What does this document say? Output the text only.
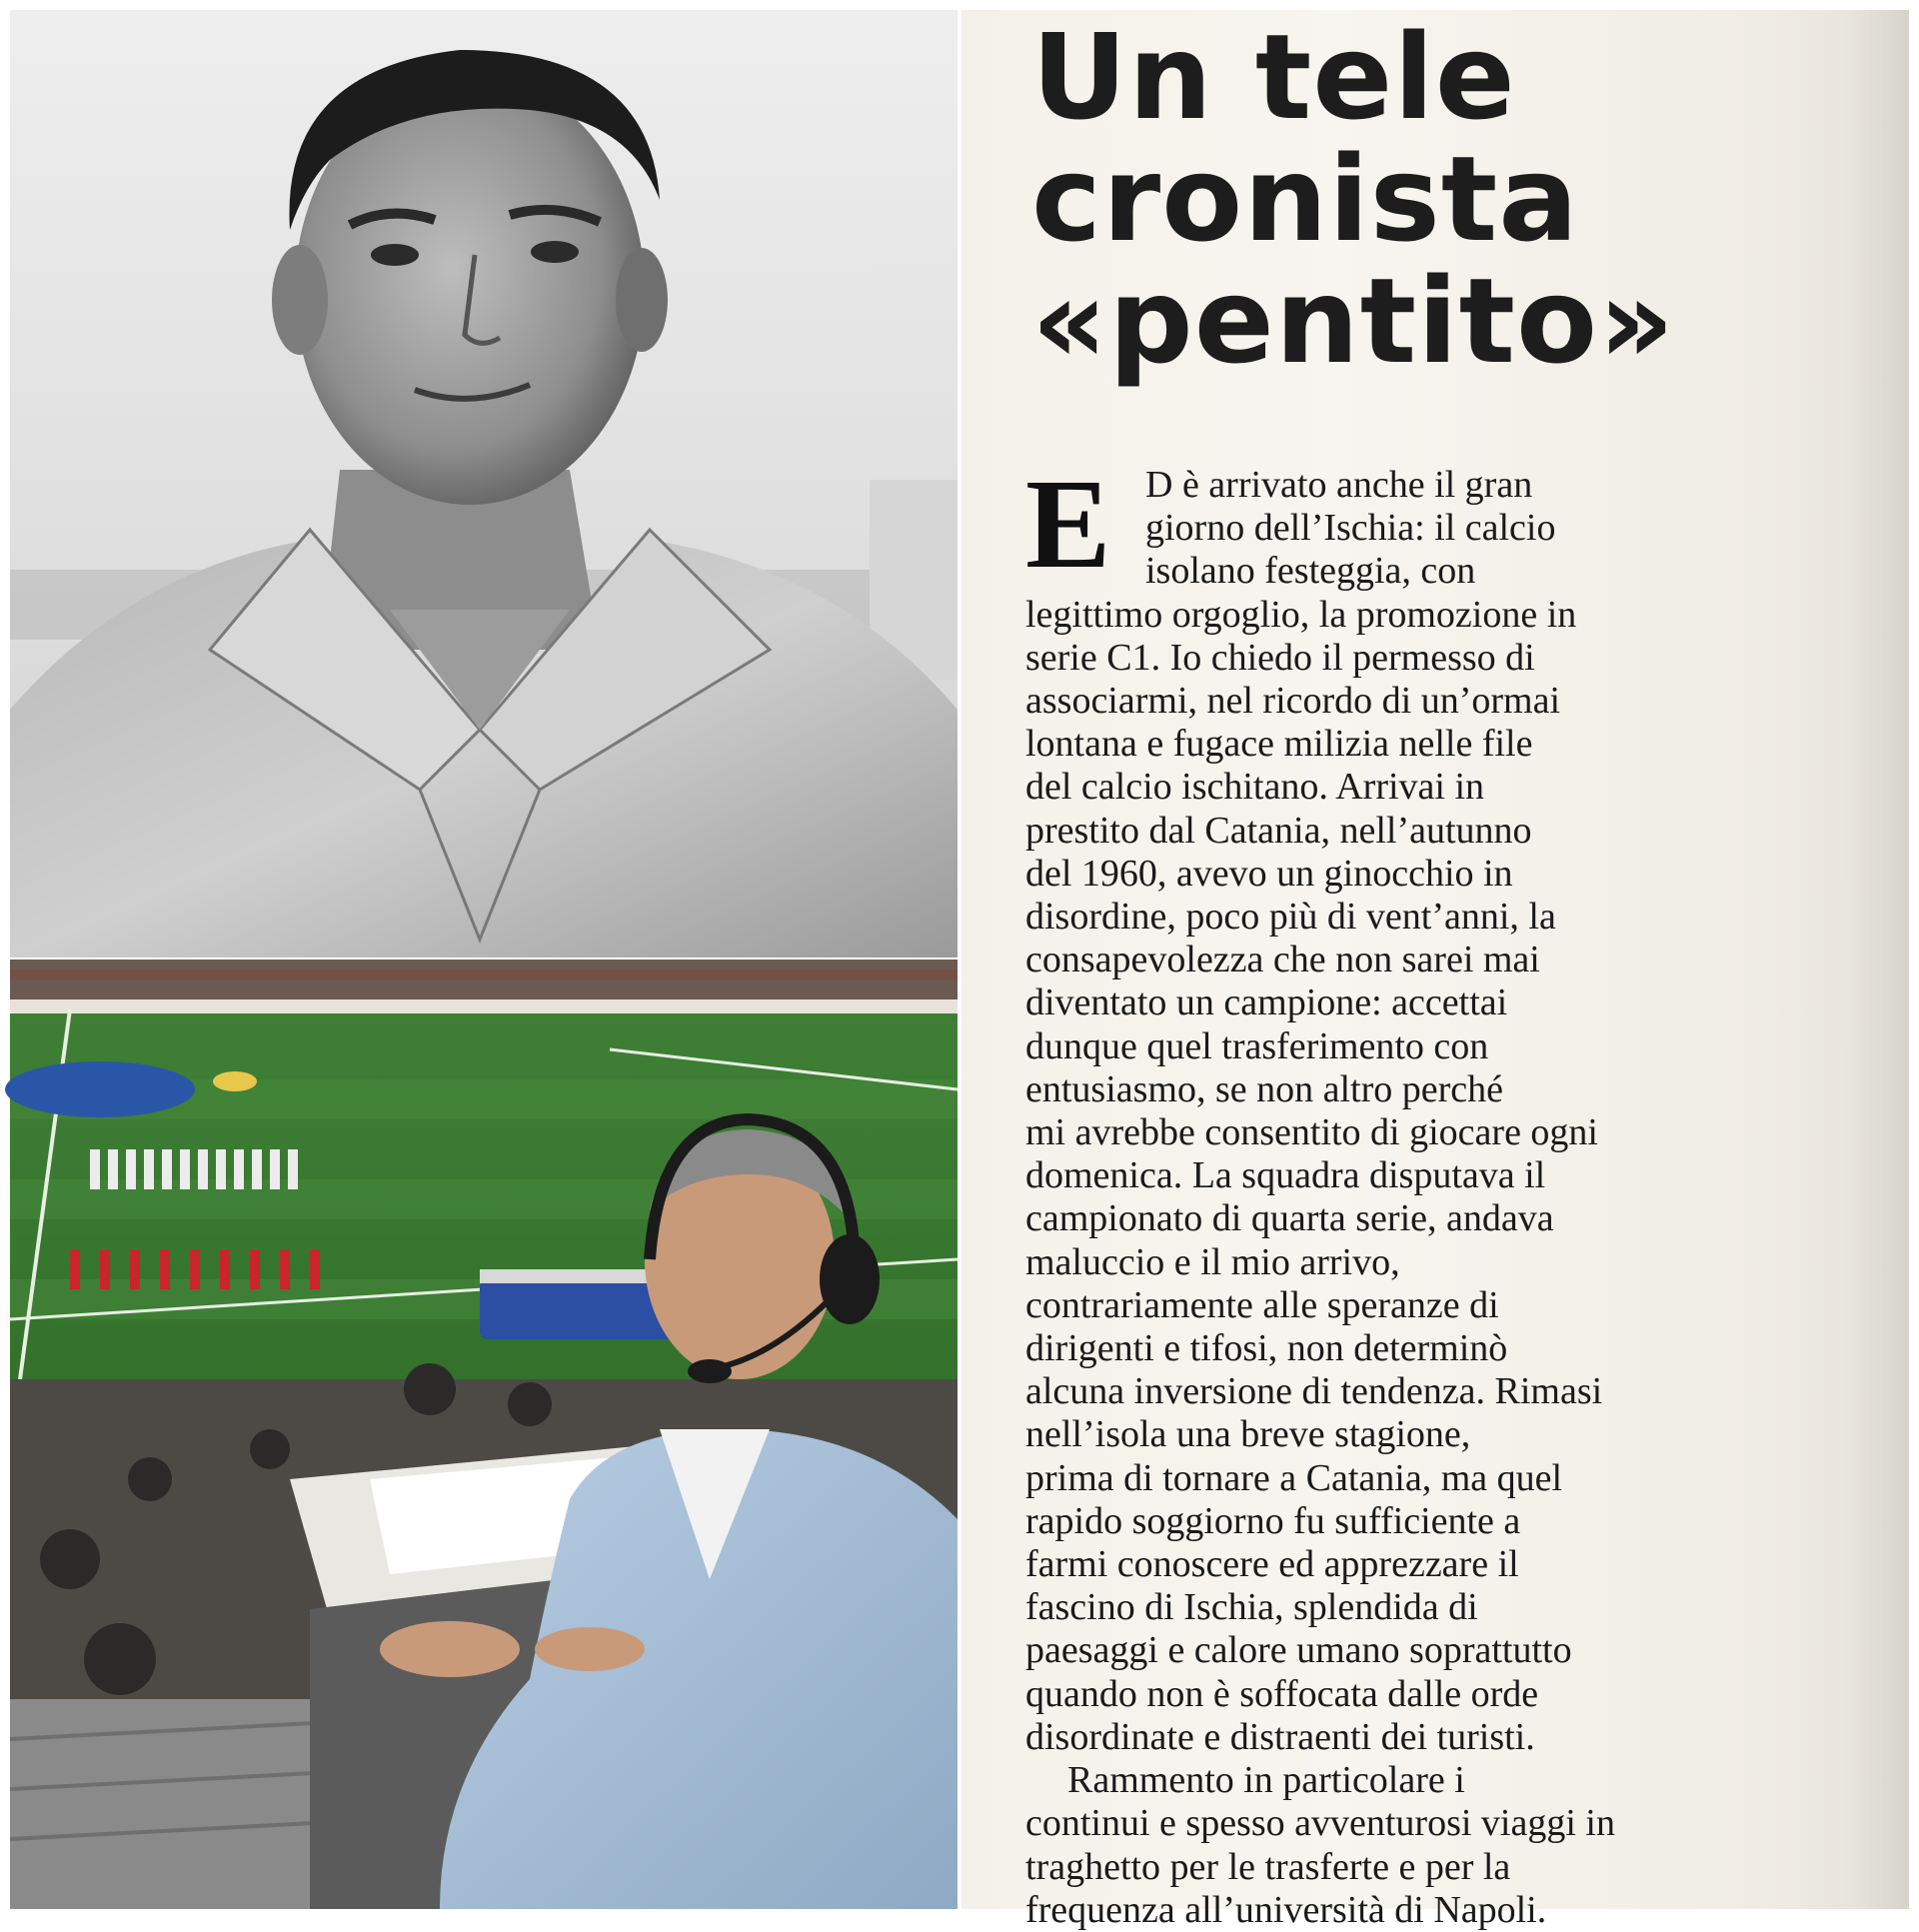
Un tele
cronista
«pentito»
E D è arrivato anche il gran
giorno dell’Ischia: il calcio
isolano festeggia, con
legittimo orgoglio, la promozione in
serie C1. Io chiedo il permesso di
associarmi, nel ricordo di un’ormai
lontana e fugace milizia nelle file
del calcio ischitano. Arrivai in
prestito dal Catania, nell’autunno
del 1960, avevo un ginocchio in
disordine, poco più di vent’anni, la
consapevolezza che non sarei mai
diventato un campione: accettai
dunque quel trasferimento con
entusiasmo, se non altro perché
mi avrebbe consentito di giocare ogni
domenica. La squadra disputava il
campionato di quarta serie, andava
maluccio e il mio arrivo,
contrariamente alle speranze di
dirigenti e tifosi, non determinò
alcuna inversione di tendenza. Rimasi
nell’isola una breve stagione,
prima di tornare a Catania, ma quel
rapido soggiorno fu sufficiente a
farmi conoscere ed apprezzare il
fascino di Ischia, splendida di
paesaggi e calore umano soprattutto
quando non è soffocata dalle orde
disordinate e distraenti dei turisti.
Rammento in particolare i
continui e spesso avventurosi viaggi in
traghetto per le trasferte e per la
frequenza all’università di Napoli.
